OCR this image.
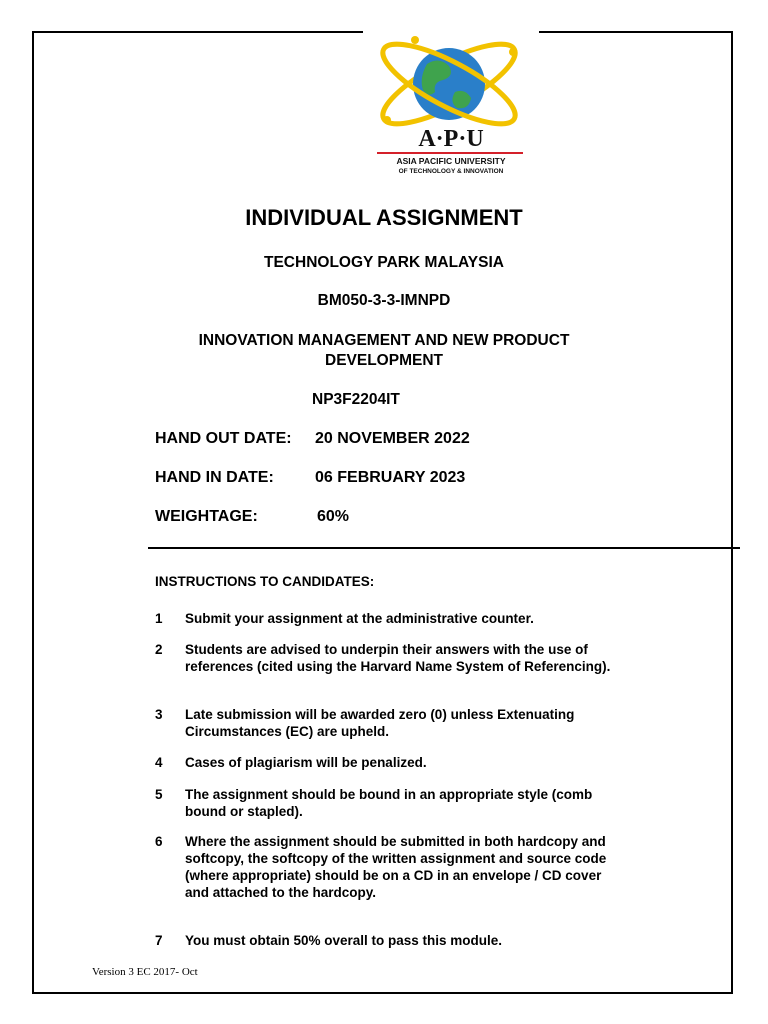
A·P·U
ASIA PACIFIC UNIVERSITY
OF TECHNOLOGY & INNOVATION
INDIVIDUAL ASSIGNMENT
TECHNOLOGY PARK MALAYSIA
BM050-3-3-IMNPD
INNOVATION MANAGEMENT AND NEW PRODUCT
DEVELOPMENT
NP3F2204IT
HAND OUT DATE: 20 NOVEMBER 2022
HAND IN DATE:	06 FEBRUARY 2023
WEIGHTAGE:	60%
INSTRUCTIONS TO CANDIDATES:
1 Submit your assignment at the administrative counter.
2 Students are advised to underpin their answers with the use of references (cited using the Harvard Name System of Referencing).
3 Late submission will be awarded zero (0) unless Extenuating Circumstances (EC) are upheld.
4 Cases of plagiarism will be penalized.
5 The assignment should be bound in an appropriate style (comb bound or stapled).
6 Where the assignment should be submitted in both hardcopy and softcopy, the softcopy of the written assignment and source code (where appropriate) should be on a CD in an envelope / CD cover and attached to the hardcopy.
7 You must obtain 50% overall to pass this module.
Version 3 EC 2017- Oct
